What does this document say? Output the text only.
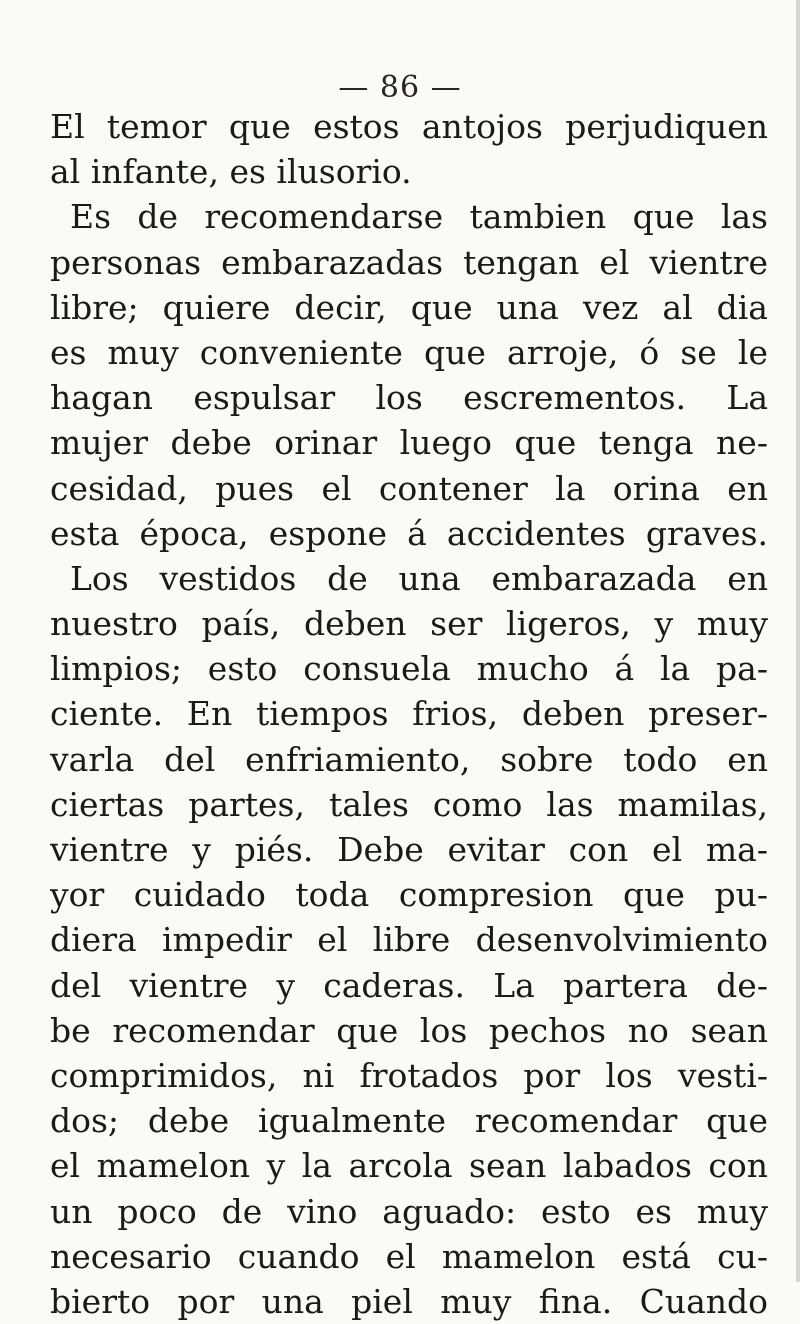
— 86 —
El temor que estos antojos perjudiquen
al infante, es ilusorio.
Es de recomendarse tambien que las
personas embarazadas tengan el vientre
libre; quiere decir, que una vez al dia
es muy conveniente que arroje, ó se le
hagan espulsar los escrementos. La
mujer debe orinar luego que tenga ne-
cesidad, pues el contener la orina en
esta época, espone á accidentes graves.
Los vestidos de una embarazada en
nuestro país, deben ser ligeros, y muy
limpios; esto consuela mucho á la pa-
ciente. En tiempos frios, deben preser-
varla del enfriamiento, sobre todo en
ciertas partes, tales como las mamilas,
vientre y piés. Debe evitar con el ma-
yor cuidado toda compresion que pu-
diera impedir el libre desenvolvimiento
del vientre y caderas. La partera de-
be recomendar que los pechos no sean
comprimidos, ni frotados por los vesti-
dos; debe igualmente recomendar que
el mamelon y la arcola sean labados con
un poco de vino aguado: esto es muy
necesario cuando el mamelon está cu-
bierto por una piel muy fina. Cuando
